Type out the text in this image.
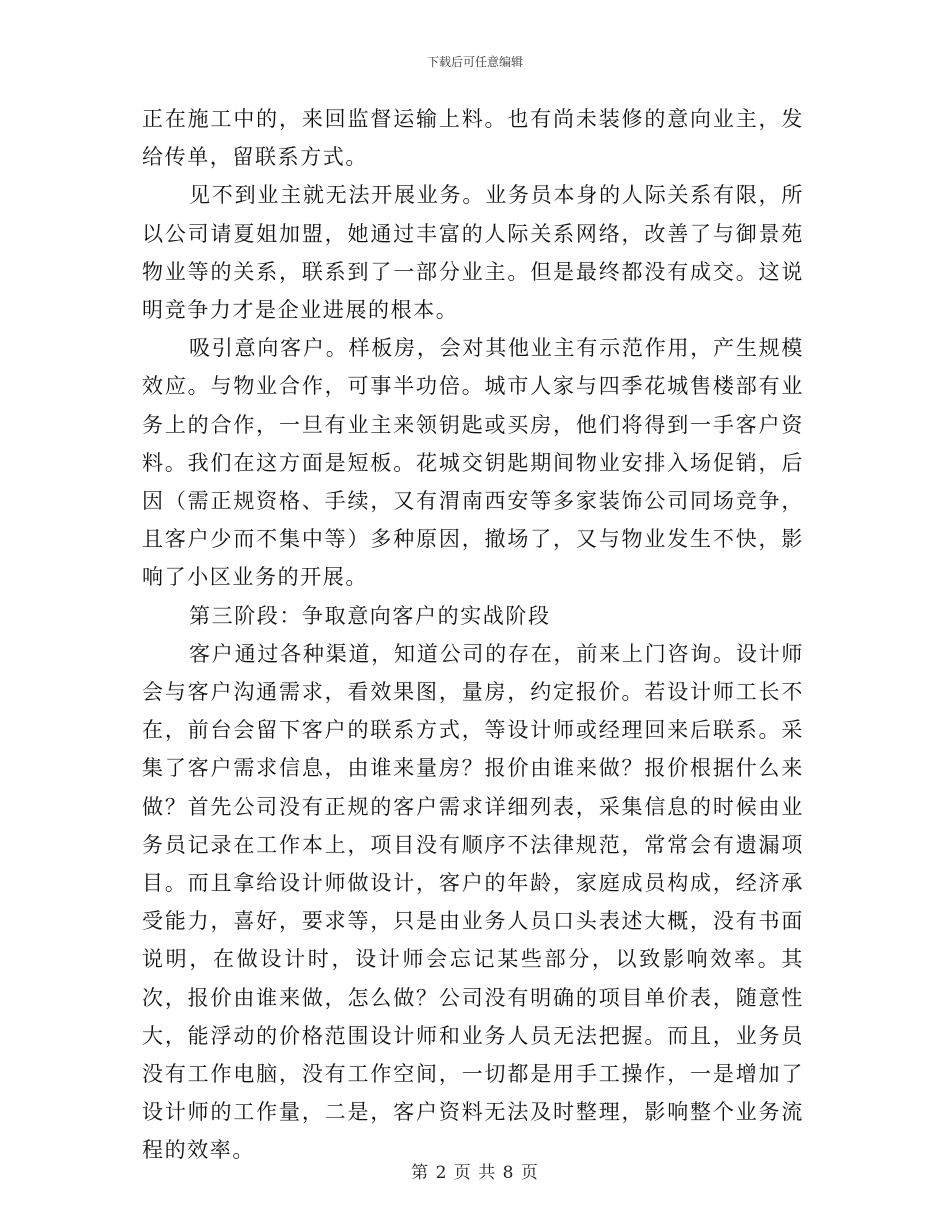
下载后可任意编辑

正在施工中的，来回监督运输上料。也有尚未装修的意向业主，发给传单，留联系方式。

见不到业主就无法开展业务。业务员本身的人际关系有限，所以公司请夏姐加盟，她通过丰富的人际关系网络，改善了与御景苑物业等的关系，联系到了一部分业主。但是最终都没有成交。这说明竞争力才是企业进展的根本。

吸引意向客户。样板房，会对其他业主有示范作用，产生规模效应。与物业合作，可事半功倍。城市人家与四季花城售楼部有业务上的合作，一旦有业主来领钥匙或买房，他们将得到一手客户资料。我们在这方面是短板。花城交钥匙期间物业安排入场促销，后因（需正规资格、手续，又有渭南西安等多家装饰公司同场竞争，且客户少而不集中等）多种原因，撤场了，又与物业发生不快，影响了小区业务的开展。

第三阶段：争取意向客户的实战阶段

客户通过各种渠道，知道公司的存在，前来上门咨询。设计师会与客户沟通需求，看效果图，量房，约定报价。若设计师工长不在，前台会留下客户的联系方式，等设计师或经理回来后联系。采集了客户需求信息，由谁来量房？报价由谁来做？报价根据什么来做？首先公司没有正规的客户需求详细列表，采集信息的时候由业务员记录在工作本上，项目没有顺序不法律规范，常常会有遗漏项目。而且拿给设计师做设计，客户的年龄，家庭成员构成，经济承受能力，喜好，要求等，只是由业务人员口头表述大概，没有书面说明，在做设计时，设计师会忘记某些部分，以致影响效率。其次，报价由谁来做，怎么做？公司没有明确的项目单价表，随意性大，能浮动的价格范围设计师和业务人员无法把握。而且，业务员没有工作电脑，没有工作空间，一切都是用手工操作，一是增加了设计师的工作量，二是，客户资料无法及时整理，影响整个业务流程的效率。

第 2 页 共 8 页
